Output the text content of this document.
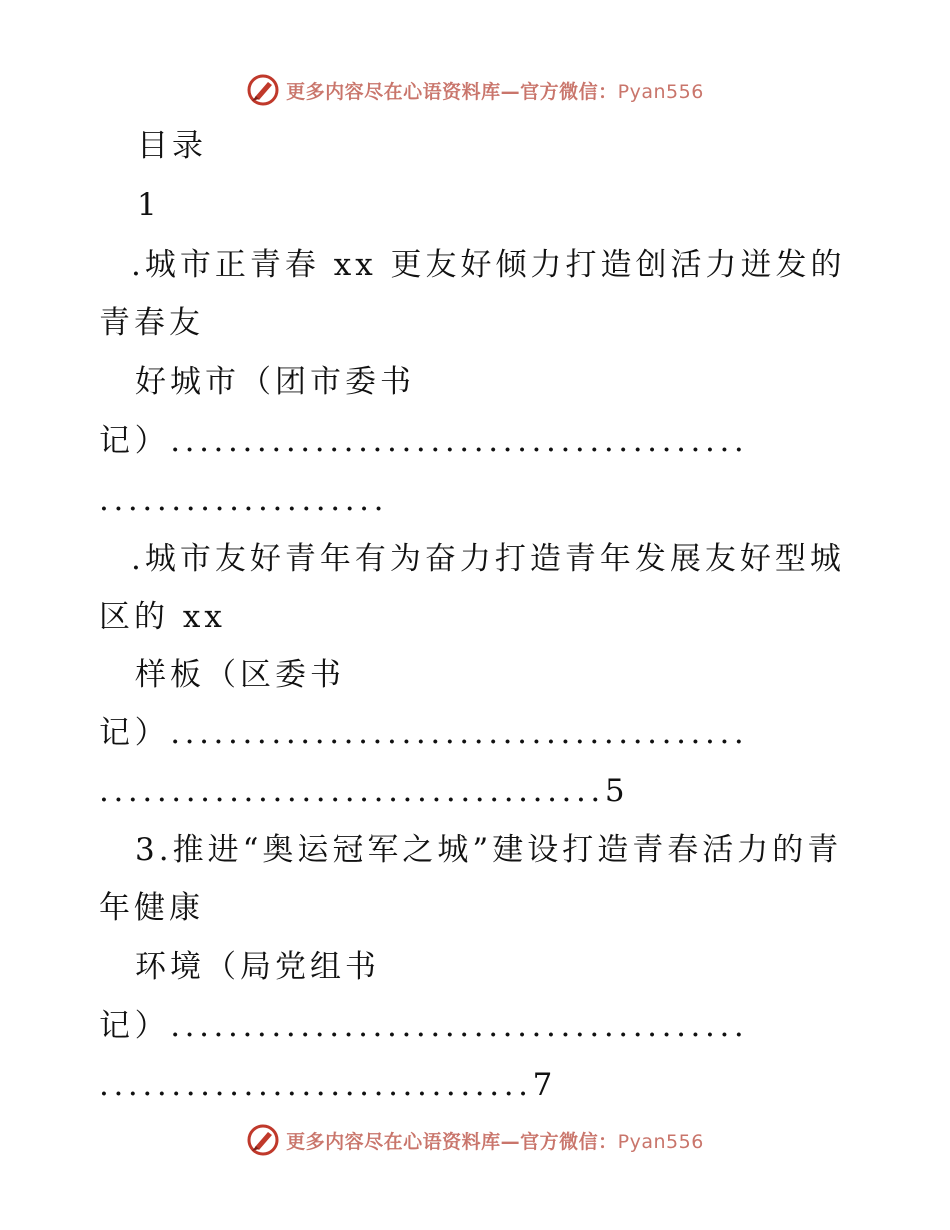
更多内容尽在心语资料库—官方微信：Pyan556
目录
1
.城市正青春 xx 更友好倾力打造创活力迸发的
青春友
好城市（团市委书
记）........................................
....................
.城市友好青年有为奋力打造青年发展友好型城
区的 xx
样板（区委书
记）........................................
...................................5
3.推进“奥运冠军之城”建设打造青春活力的青
年健康
环境（局党组书
记）........................................
..............................7
更多内容尽在心语资料库—官方微信：Pyan556
